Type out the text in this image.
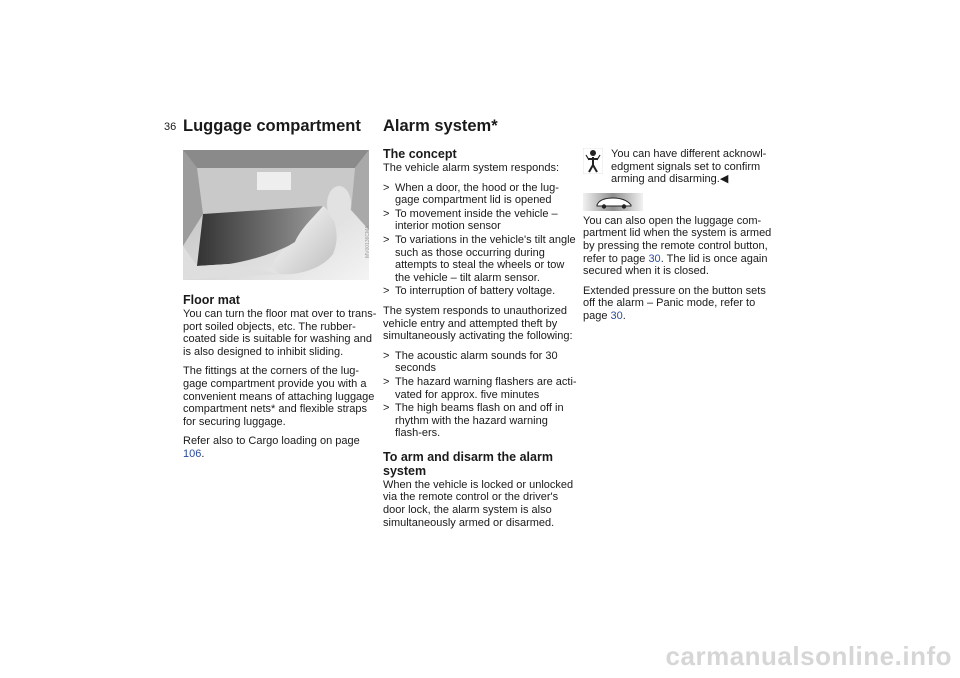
36 Luggage compartment Alarm system*
MV00136CMA
Floor mat

You can turn the floor mat over to trans-port soiled objects, etc. The rubber-coated side is suitable for washing and is also designed to inhibit sliding.

The fittings at the corners of the lug-gage compartment provide you with a convenient means of attaching luggage compartment nets* and flexible straps for securing luggage.

Refer also to Cargo loading on page 106.

The concept

The vehicle alarm system responds:

> When a door, the hood or the lug-gage compartment lid is opened
> To movement inside the vehicle – interior motion sensor
> To variations in the vehicle's tilt angle such as those occurring during attempts to steal the wheels or tow the vehicle – tilt alarm sensor.
> To interruption of battery voltage.

The system responds to unauthorized vehicle entry and attempted theft by simultaneously activating the following:

> The acoustic alarm sounds for 30 seconds
> The hazard warning flashers are acti-vated for approx. five minutes
> The high beams flash on and off in rhythm with the hazard warning flash-ers.
To arm and disarm the alarm system

When the vehicle is locked or unlocked via the remote control or the driver's door lock, the alarm system is also simultaneously armed or disarmed.

You can have different acknowl-edgment signals set to confirm arming and disarming.◀

You can also open the luggage com-partment lid when the system is armed by pressing the remote control button, refer to page 30. The lid is once again secured when it is closed.

Extended pressure on the button sets off the alarm – Panic mode, refer to page 30.

carmanualsonline.info
